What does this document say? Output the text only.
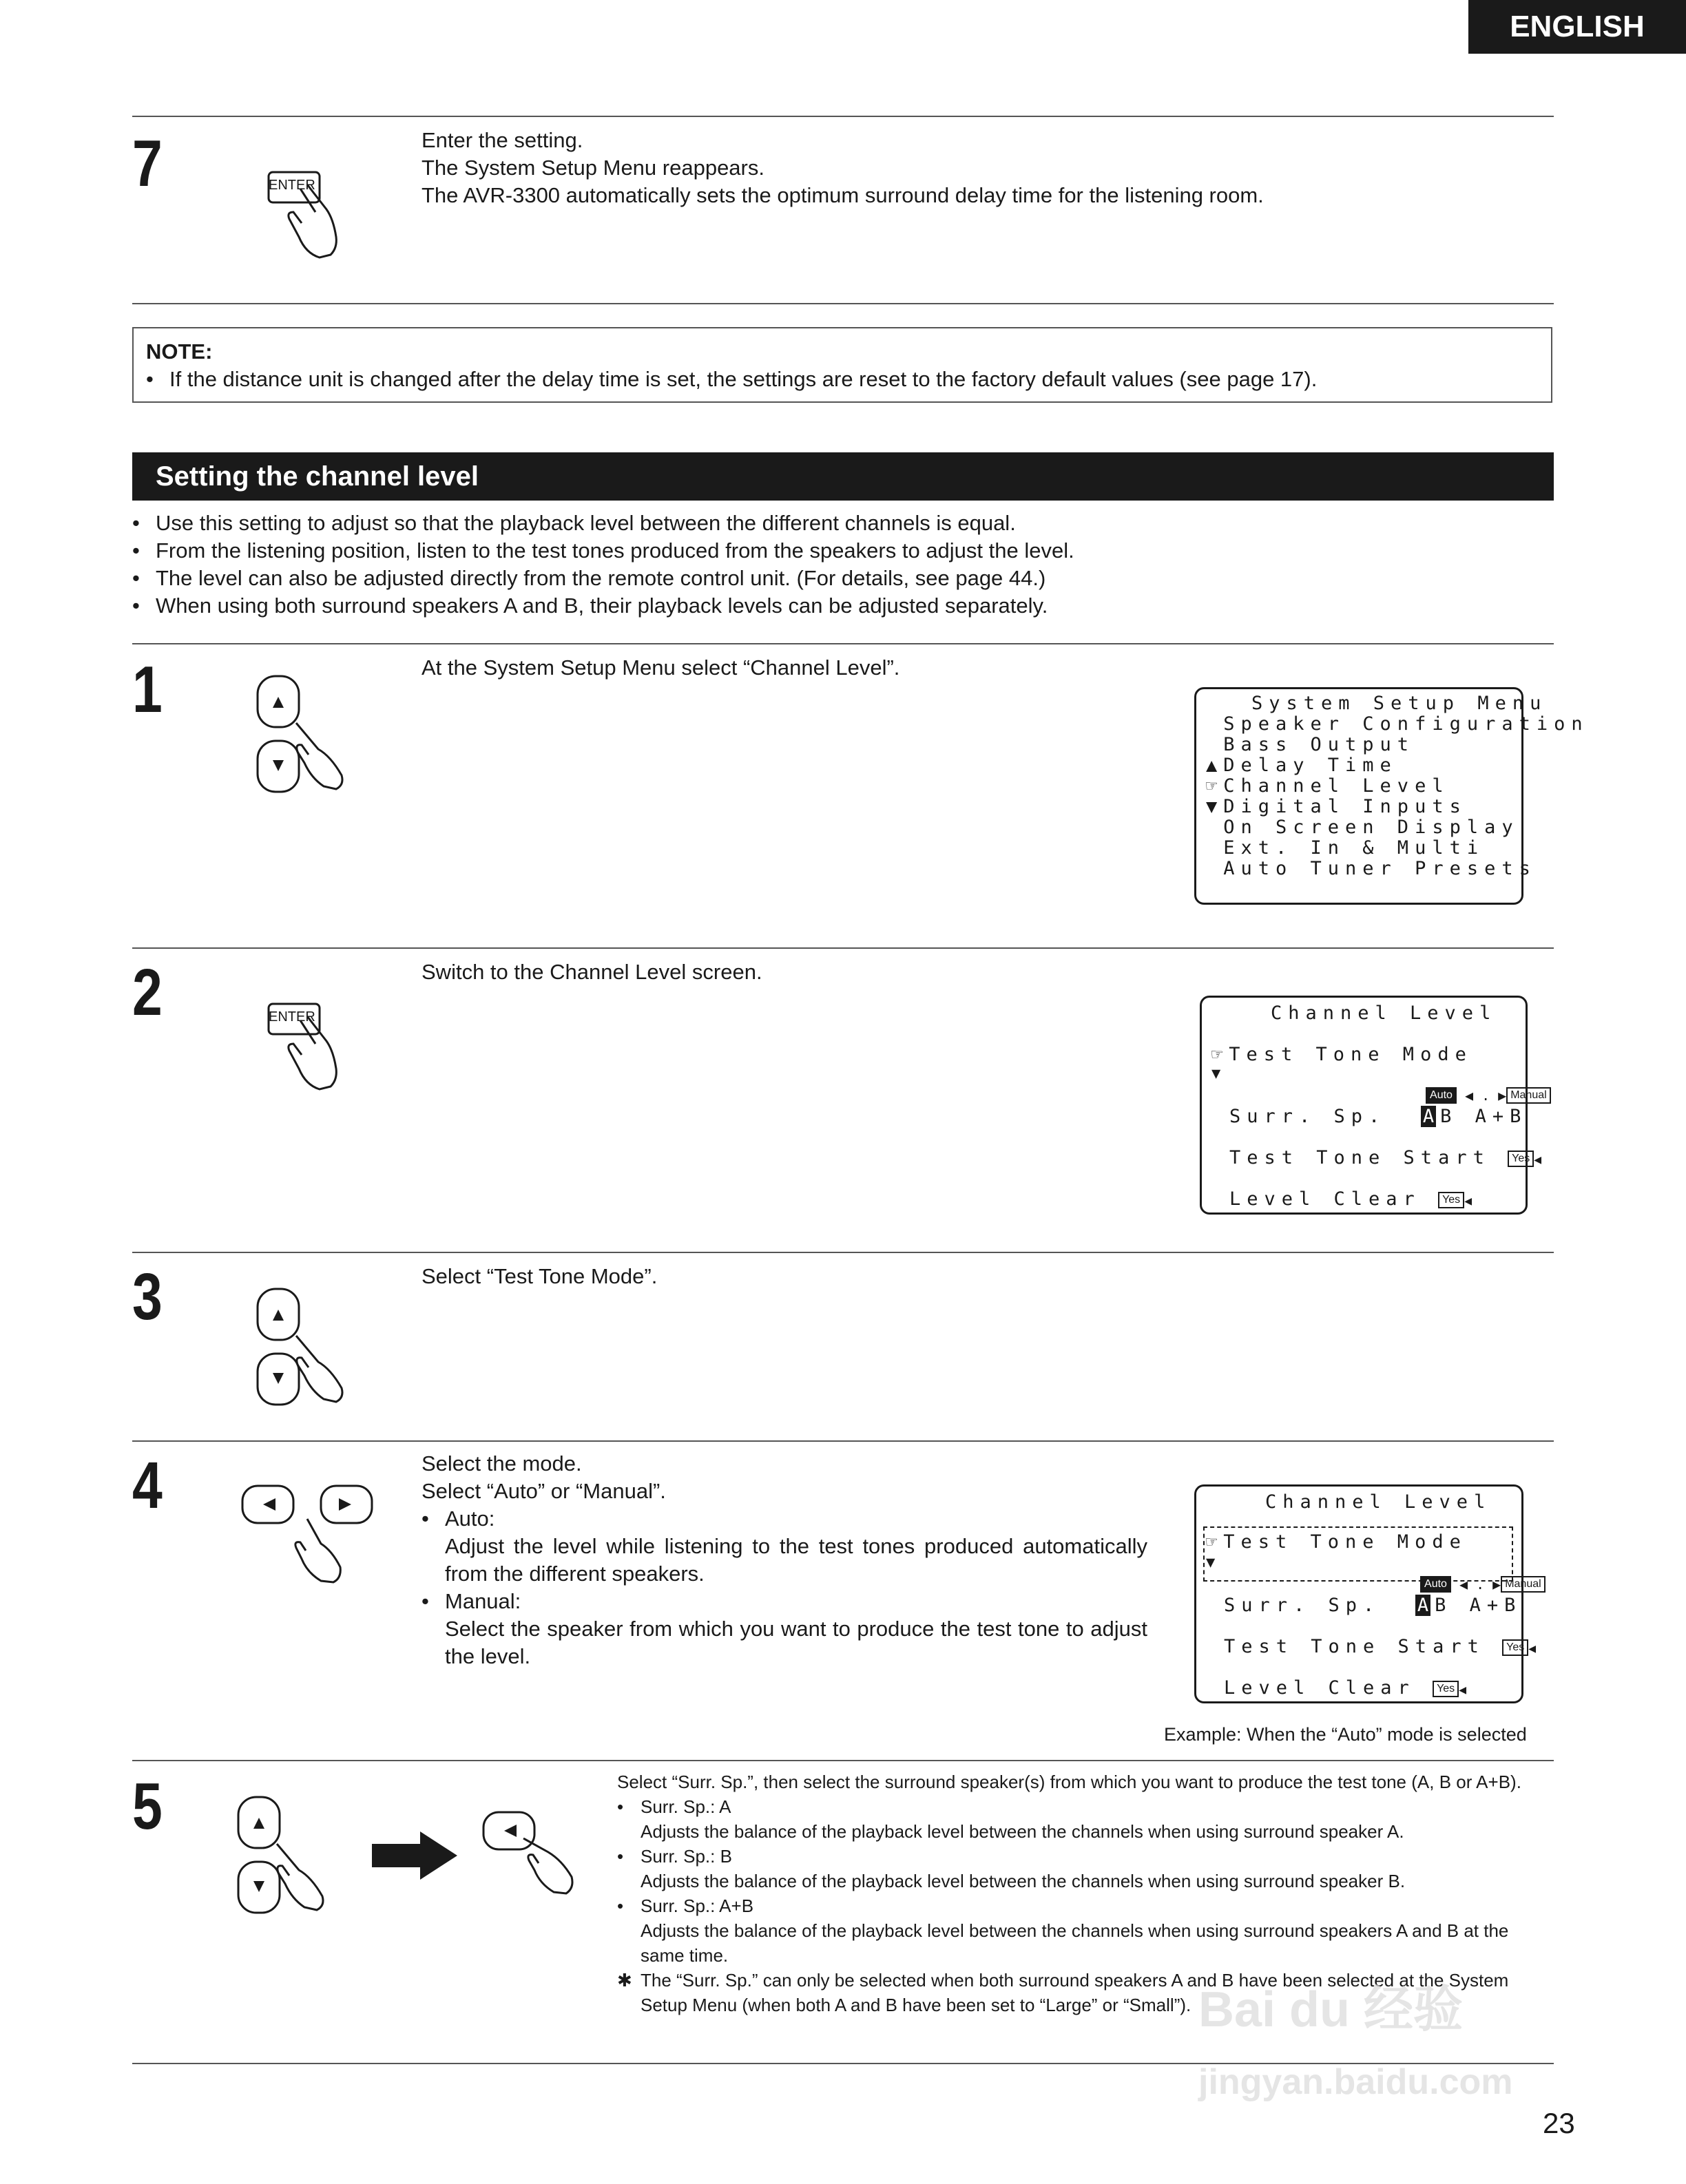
ENGLISH
7	ENTER

Enter the setting.

The System Setup Menu reappears.

The AVR-3300 automatically sets the optimum surround delay time for the listening room.

NOTE:
• If the distance unit is changed after the delay time is set, the settings are reset to the factory default values (see page 17).
Setting the channel level
• Use this setting to adjust so that the playback level between the different channels is equal.
• From the listening position, listen to the test tones produced from the speakers to adjust the level.
• The level can also be adjusted directly from the remote control unit. (For details, see page 44.)
• When using both surround speakers A and B, their playback levels can be adjusted separately.
1	At the System Setup Menu select “Channel Level”.
System Setup Menu
Speaker Configuration
Bass Output
▲Delay Time
☞Channel Level
▼Digital Inputs
On Screen Display
Ext. In & Multi
Auto Tuner Presets
2	ENTER
Switch to the Channel Level screen.
Channel Level
☞Test Tone Mode
▼

Auto ◀ . ▶ Manual

Surr. Sp. A B A+B
Test Tone Start Yes ◀
Level Clear Yes ◀
3	Select “Test Tone Mode”.
4	Select the mode.

Select “Auto” or “Manual”.

• Auto:

Adjust the level while listening to the test tones produced automatically from the different speakers.

• Manual:

Select the speaker from which you want to produce the test tone to adjust the level.

Channel Level
☞Test Tone Mode
▼

Auto ◀ . ▶ Manual

Surr. Sp. A B A+B
Test Tone Start Yes ◀
Level Clear Yes ◀
Example: When the “Auto” mode is selected
5	Select “Surr. Sp.”, then select the surround speaker(s) from which you want to produce the test tone (A, B or A+B).

• Surr. Sp.: A

Adjusts the balance of the playback level between the channels when using surround speaker A.

• Surr. Sp.: B

Adjusts the balance of the playback level between the channels when using surround speaker B.

• Surr. Sp.: A+B

Adjusts the balance of the playback level between the channels when using surround speakers A and B at the same time.

✱ The “Surr. Sp.” can only be selected when both surround speakers A and B have been selected at the System Setup Menu (when both A and B have been set to “Large” or “Small”). Bai du 经验
jingyan.baidu.com
23
